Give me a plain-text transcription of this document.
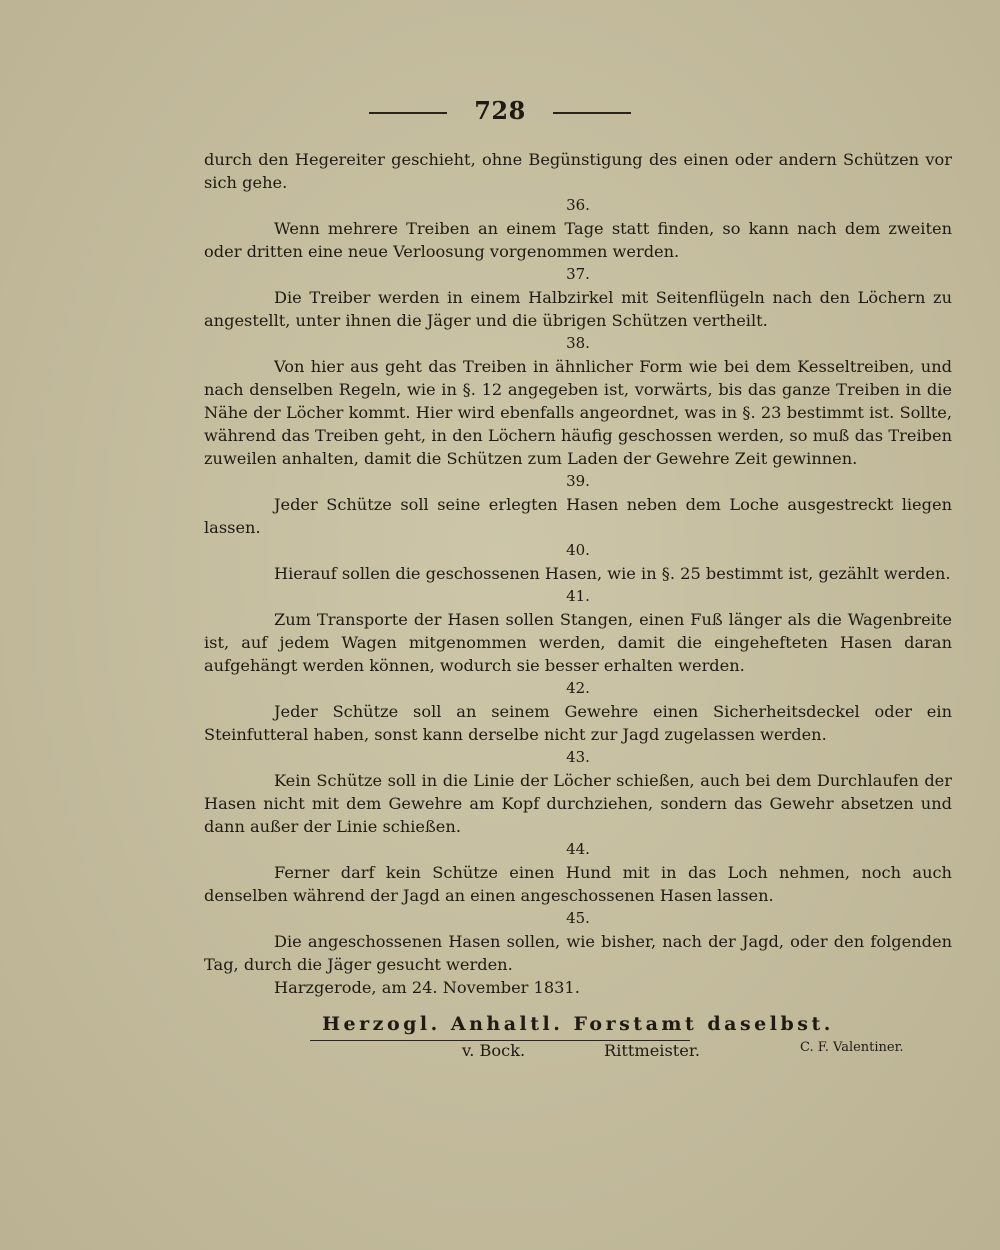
728

durch den Hegereiter geschieht, ohne Begünstigung des einen oder andern Schützen vor sich gehe.

36.

Wenn mehrere Treiben an einem Tage statt finden, so kann nach dem zweiten oder dritten eine neue Verloosung vorgenommen werden.

37.

Die Treiber werden in einem Halbzirkel mit Seitenflügeln nach den Löchern zu angestellt, unter ihnen die Jäger und die übrigen Schützen vertheilt.

38.

Von hier aus geht das Treiben in ähnlicher Form wie bei dem Kesseltreiben, und nach denselben Regeln, wie in §. 12 angegeben ist, vorwärts, bis das ganze Treiben in die Nähe der Löcher kommt. Hier wird ebenfalls angeordnet, was in §. 23 bestimmt ist. Sollte, während das Treiben geht, in den Löchern häufig geschossen werden, so muß das Treiben zuweilen anhalten, damit die Schützen zum Laden der Gewehre Zeit gewinnen.

39.

Jeder Schütze soll seine erlegten Hasen neben dem Loche ausgestreckt liegen lassen.

40.

Hierauf sollen die geschossenen Hasen, wie in §. 25 bestimmt ist, gezählt werden.

41.

Zum Transporte der Hasen sollen Stangen, einen Fuß länger als die Wagenbreite ist, auf jedem Wagen mitgenommen werden, damit die eingehefteten Hasen daran aufgehängt werden können, wodurch sie besser erhalten werden.

42.

Jeder Schütze soll an seinem Gewehre einen Sicherheitsdeckel oder ein Steinfutteral haben, sonst kann derselbe nicht zur Jagd zugelassen werden.

43.

Kein Schütze soll in die Linie der Löcher schießen, auch bei dem Durchlaufen der Hasen nicht mit dem Gewehre am Kopf durchziehen, sondern das Gewehr absetzen und dann außer der Linie schießen.

44.

Ferner darf kein Schütze einen Hund mit in das Loch nehmen, noch auch denselben während der Jagd an einen angeschossenen Hasen lassen.

45.

Die angeschossenen Hasen sollen, wie bisher, nach der Jagd, oder den folgenden Tag, durch die Jäger gesucht werden.

Harzgerode, am 24. November 1831.

Herzogl. Anhaltl. Forstamt daselbst.

v. Bock.	Rittmeister.	C. F. Valentiner.
